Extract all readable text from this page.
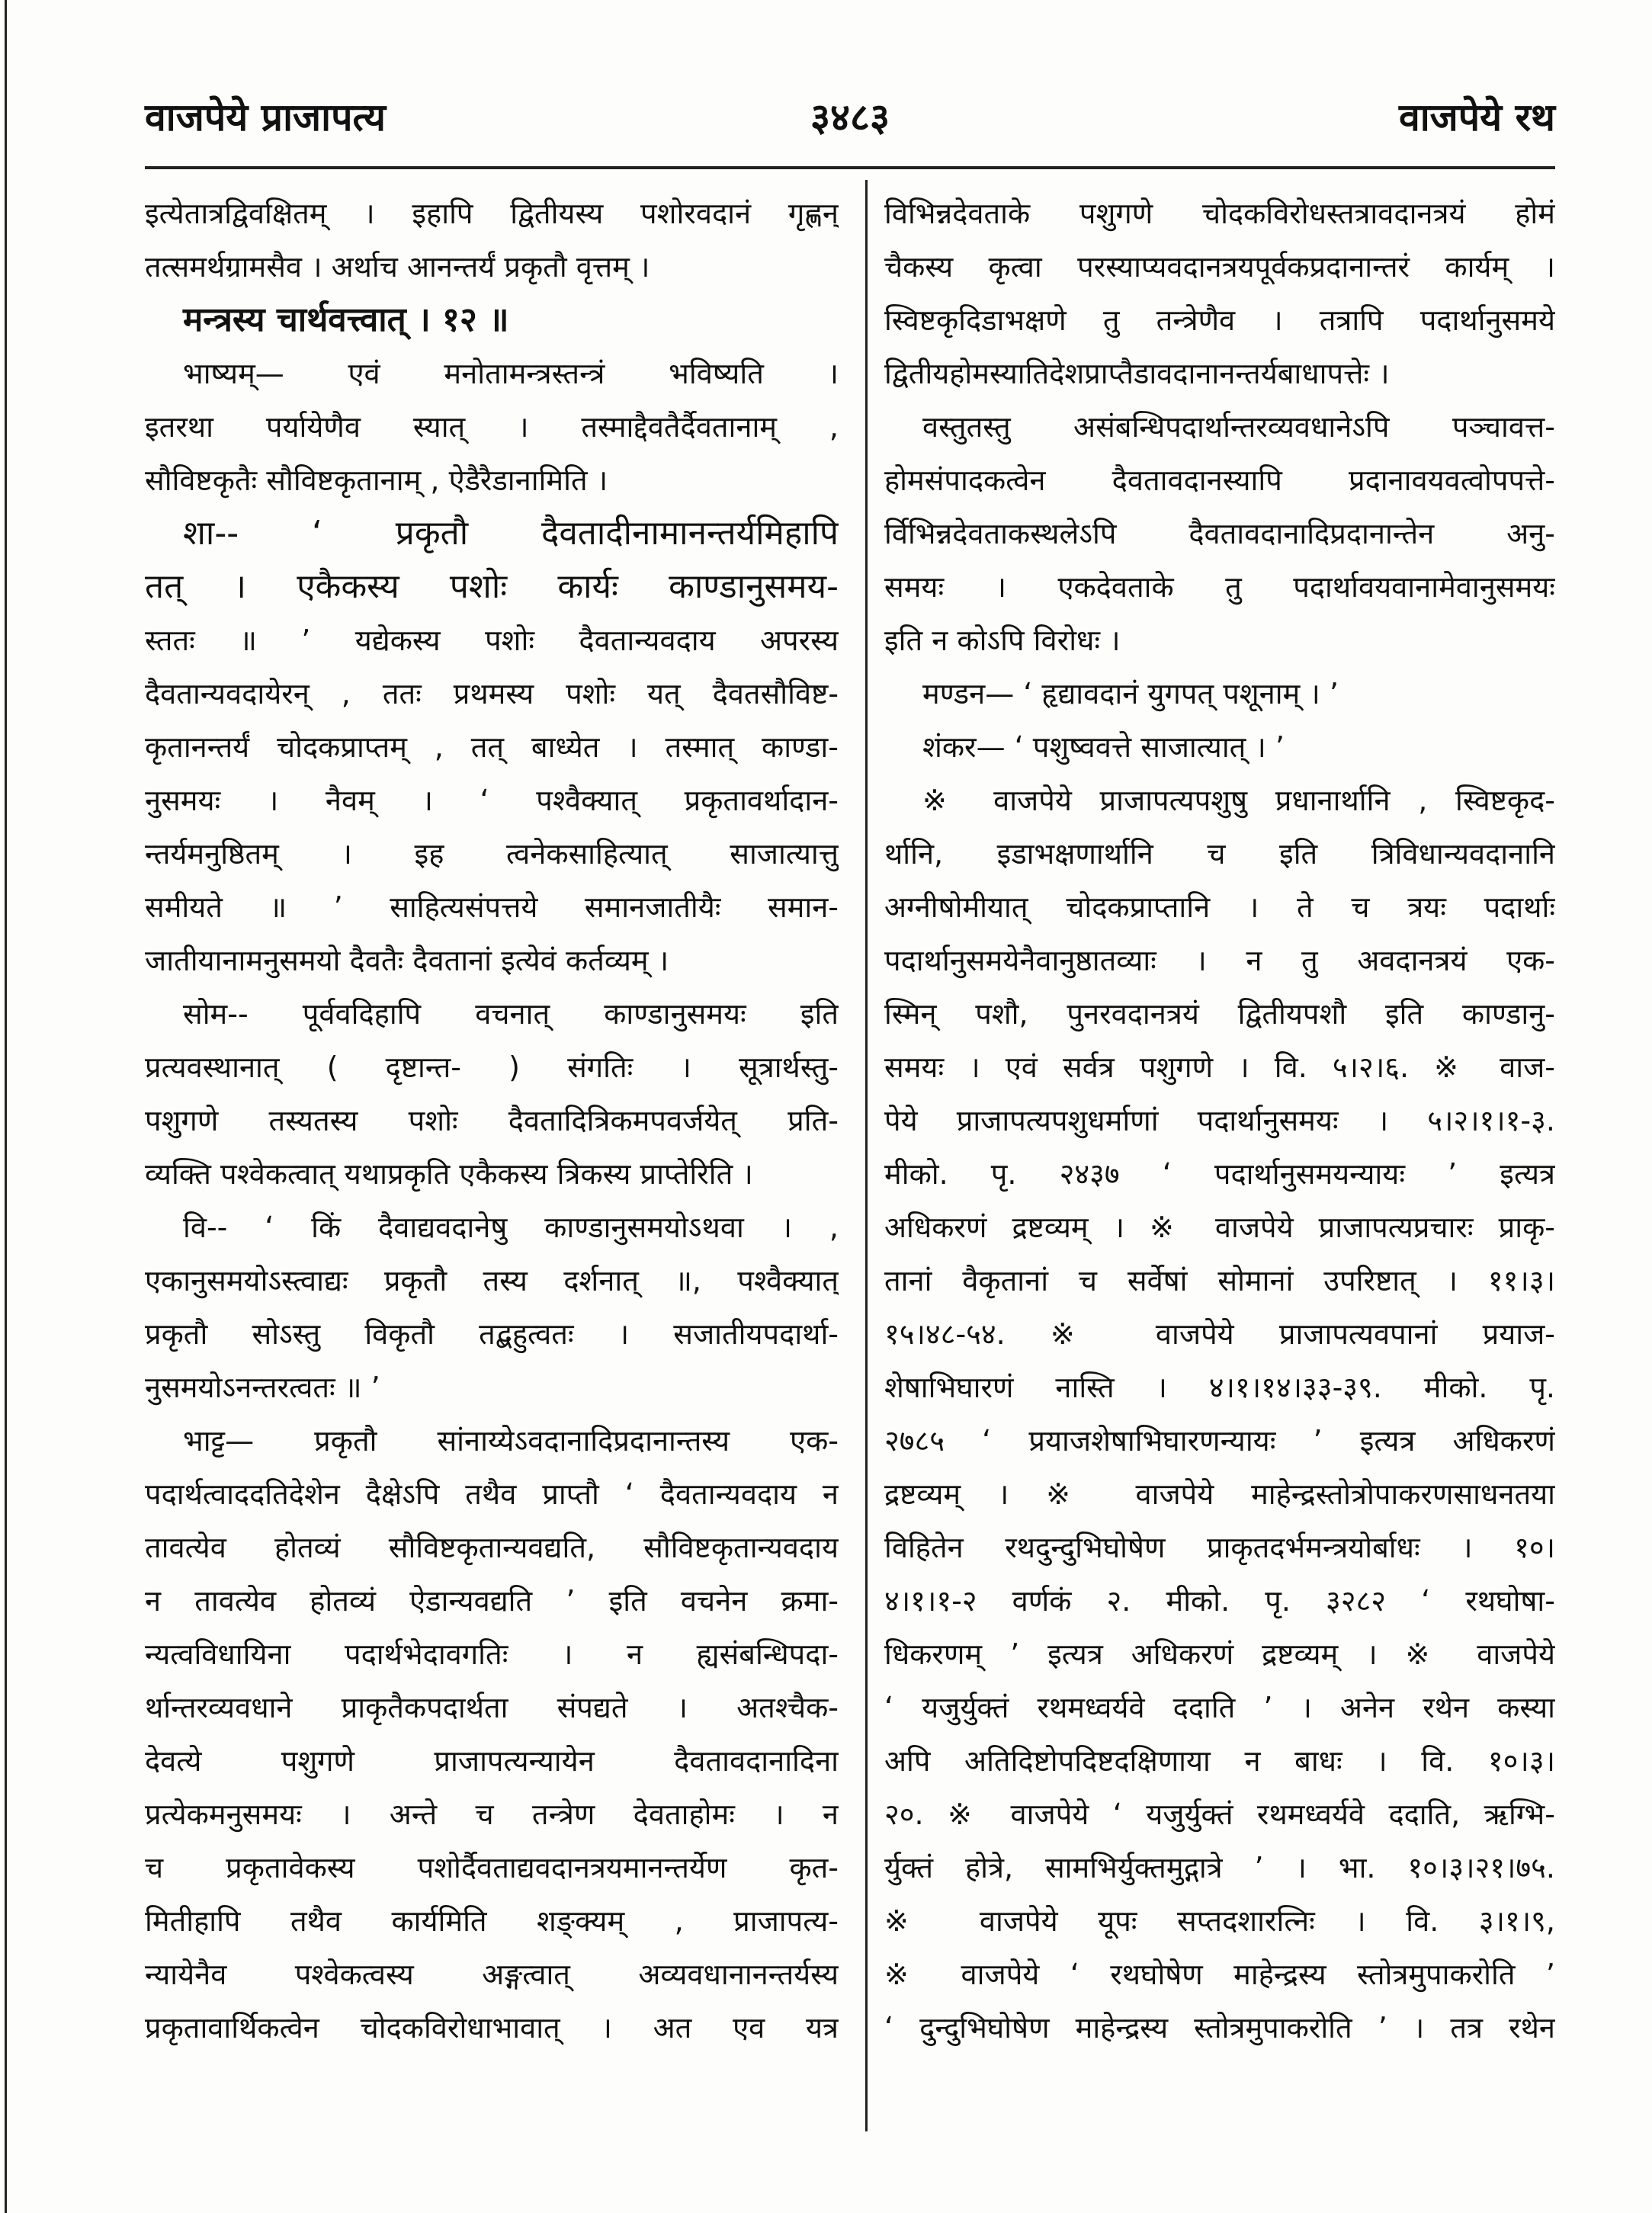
३४८३
वाजपेये प्राजापत्य	वाजपेये रथ
इत्येतात्रद्विवक्षितम् । इहापि द्वितीयस्य पशोरवदानं गृह्णन्
तत्समर्थग्रामसैव । अर्थाच आनन्तर्यं प्रकृतौ वृत्तम् ।
मन्त्रस्य चार्थवत्त्वात् । १२ ॥
भाष्यम्— एवं मनोतामन्त्रस्तन्त्रं भविष्यति ।
इतरथा पर्यायेणैव स्यात् । तस्माद्दैवतैर्दैवतानाम् ,
सौविष्टकृतैः सौविष्टकृतानाम् , ऐडैरैडानामिति ।
शा-- ‘ प्रकृतौ दैवतादीनामानन्तर्यमिहापि
तत् । एकैकस्य पशोः कार्यः काण्डानुसमय-
स्ततः ॥ ’ यद्येकस्य पशोः दैवतान्यवदाय अपरस्य
दैवतान्यवदायेरन् , ततः प्रथमस्य पशोः यत् दैवतसौविष्ट-
कृतानन्तर्यं चोदकप्राप्तम् , तत् बाध्येत । तस्मात् काण्डा-
नुसमयः । नैवम् । ‘ पश्वैक्यात् प्रकृतावर्थादान-
न्तर्यमनुष्ठितम् । इह त्वनेकसाहित्यात् साजात्यात्तु
समीयते ॥ ’ साहित्यसंपत्तये समानजातीयैः समान-
जातीयानामनुसमयो दैवतैः दैवतानां इत्येवं कर्तव्यम् ।
सोम-- पूर्ववदिहापि वचनात् काण्डानुसमयः इति
प्रत्यवस्थानात् ( दृष्टान्त- ) संगतिः । सूत्रार्थस्तु-
पशुगणे तस्यतस्य पशोः दैवतादित्रिकमपवर्जयेत् प्रति-
व्यक्ति पश्वेकत्वात् यथाप्रकृति एकैकस्य त्रिकस्य प्राप्तेरिति ।
वि-- ‘ किं दैवाद्यवदानेषु काण्डानुसमयोऽथवा । ,
एकानुसमयोऽस्त्वाद्यः प्रकृतौ तस्य दर्शनात् ॥, पश्वैक्यात्
प्रकृतौ सोऽस्तु विकृतौ तद्बहुत्वतः । सजातीयपदार्था-
नुसमयोऽनन्तरत्वतः ॥ ’
भाट्ट— प्रकृतौ सांनाय्येऽवदानादिप्रदानान्तस्य एक-
पदार्थत्वाददतिदेशेन दैक्षेऽपि तथैव प्राप्तौ ‘ दैवतान्यवदाय न
तावत्येव होतव्यं सौविष्टकृतान्यवद्यति, सौविष्टकृतान्यवदाय
न तावत्येव होतव्यं ऐडान्यवद्यति ’ इति वचनेन क्रमा-
न्यत्वविधायिना पदार्थभेदावगतिः । न ह्यसंबन्धिपदा-
र्थान्तरव्यवधाने प्राकृतैकपदार्थता संपद्यते । अतश्चैक-
देवत्ये पशुगणे प्राजापत्यन्यायेन दैवतावदानादिना
प्रत्येकमनुसमयः । अन्ते च तन्त्रेण देवताहोमः । न
च प्रकृतावेकस्य पशोर्दैवताद्यवदानत्रयमानन्तर्येण कृत-
मितीहापि तथैव कार्यमिति शङ्क्यम् , प्राजापत्य-
न्यायेनैव पश्वेकत्वस्य अङ्गत्वात् अव्यवधानानन्तर्यस्य
प्रकृतावार्थिकत्वेन चोदकविरोधाभावात् । अत एव यत्र
विभिन्नदेवताके पशुगणे चोदकविरोधस्तत्रावदानत्रयं होमं
चैकस्य कृत्वा परस्याप्यवदानत्रयपूर्वकप्रदानान्तरं कार्यम् ।
स्विष्टकृदिडाभक्षणे तु तन्त्रेणैव । तत्रापि पदार्थानुसमये
द्वितीयहोमस्यातिदेशप्राप्तैडावदानानन्तर्यबाधापत्तेः ।
वस्तुतस्तु असंबन्धिपदार्थान्तरव्यवधानेऽपि पञ्चावत्त-
होमसंपादकत्वेन दैवतावदानस्यापि प्रदानावयवत्वोपपत्ते-
र्विभिन्नदेवताकस्थलेऽपि दैवतावदानादिप्रदानान्तेन अनु-
समयः । एकदेवताके तु पदार्थावयवानामेवानुसमयः
इति न कोऽपि विरोधः ।
मण्डन— ‘ हृद्यावदानं युगपत् पशूनाम् । ’
शंकर— ‘ पशुष्ववत्ते साजात्यात् । ’
※ वाजपेये प्राजापत्यपशुषु प्रधानार्थानि , स्विष्टकृद-
र्थानि, इडाभक्षणार्थानि च इति त्रिविधान्यवदानानि
अग्नीषोमीयात् चोदकप्राप्तानि । ते च त्रयः पदार्थाः
पदार्थानुसमयेनैवानुष्ठातव्याः । न तु अवदानत्रयं एक-
स्मिन् पशौ, पुनरवदानत्रयं द्वितीयपशौ इति काण्डानु-
समयः । एवं सर्वत्र पशुगणे । वि. ५।२।६. ※ वाज-
पेये प्राजापत्यपशुधर्माणां पदार्थानुसमयः । ५।२।१।१-३.
मीको. पृ. २४३७ ‘ पदार्थानुसमयन्यायः ’ इत्यत्र
अधिकरणं द्रष्टव्यम् । ※ वाजपेये प्राजापत्यप्रचारः प्राकृ-
तानां वैकृतानां च सर्वेषां सोमानां उपरिष्टात् । ११।३।
१५।४८-५४. ※ वाजपेये प्राजापत्यवपानां प्रयाज-
शेषाभिघारणं नास्ति । ४।१।१४।३३-३९. मीको. पृ.
२७८५ ‘ प्रयाजशेषाभिघारणन्यायः ’ इत्यत्र अधिकरणं
द्रष्टव्यम् । ※ वाजपेये माहेन्द्रस्तोत्रोपाकरणसाधनतया
विहितेन रथदुन्दुभिघोषेण प्राकृतदर्भमन्त्रयोर्बाधः । १०।
४।१।१-२ वर्णकं २. मीको. पृ. ३२८२ ‘ रथघोषा-
धिकरणम् ’ इत्यत्र अधिकरणं द्रष्टव्यम् । ※ वाजपेये
‘ यजुर्युक्तं रथमध्वर्यवे ददाति ’ । अनेन रथेन कस्या
अपि अतिदिष्टोपदिष्टदक्षिणाया न बाधः । वि. १०।३।
२०. ※ वाजपेये ‘ यजुर्युक्तं रथमध्वर्यवे ददाति, ऋग्भि-
र्युक्तं होत्रे, सामभिर्युक्तमुद्गात्रे ’ । भा. १०।३।२१।७५.
※ वाजपेये यूपः सप्तदशारत्निः । वि. ३।१।९,
※ वाजपेये ‘ रथघोषेण माहेन्द्रस्य स्तोत्रमुपाकरोति ’
‘ दुन्दुभिघोषेण माहेन्द्रस्य स्तोत्रमुपाकरोति ’ । तत्र रथेन
